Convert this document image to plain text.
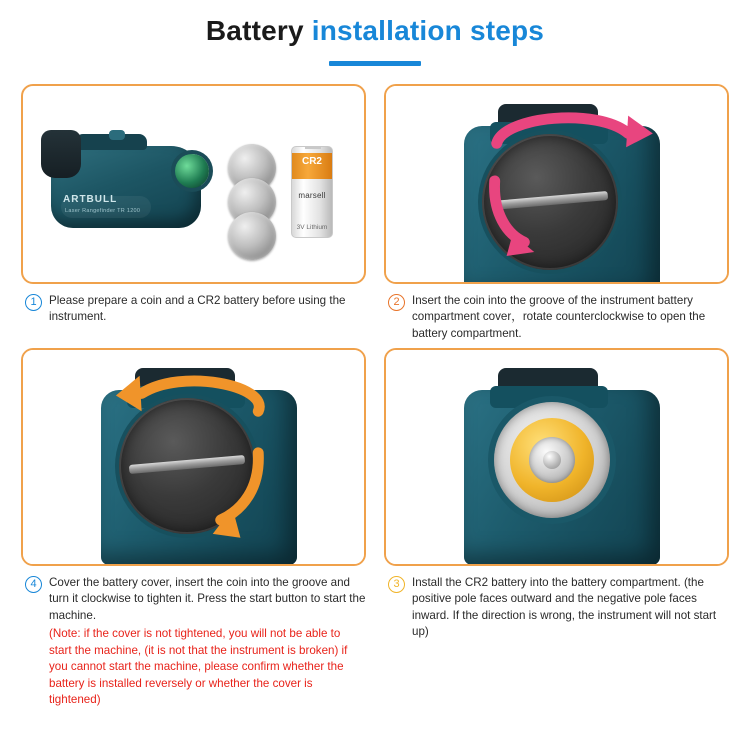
Battery installation steps
ARTBULL
Laser Rangefinder TR 1200
CR2
marsell
3V Lithium
1	Please prepare a coin and a CR2 battery before using the instrument.
2	Insert the coin into the groove of the instrument battery compartment cover，rotate counterclockwise to open the battery compartment.
4	Cover the battery cover, insert the coin into the groove and turn it clockwise to tighten it. Press the start button to start the machine.
(Note: if the cover is not tightened, you will not be able to start the machine, (it is not that the instrument is broken) if you cannot start the machine, please confirm whether the battery is installed reversely or whether the cover is tightened)
3	Install the CR2 battery into the battery compartment. (the positive pole faces outward and the negative pole faces inward. If the direction is wrong, the instrument will not start up)
